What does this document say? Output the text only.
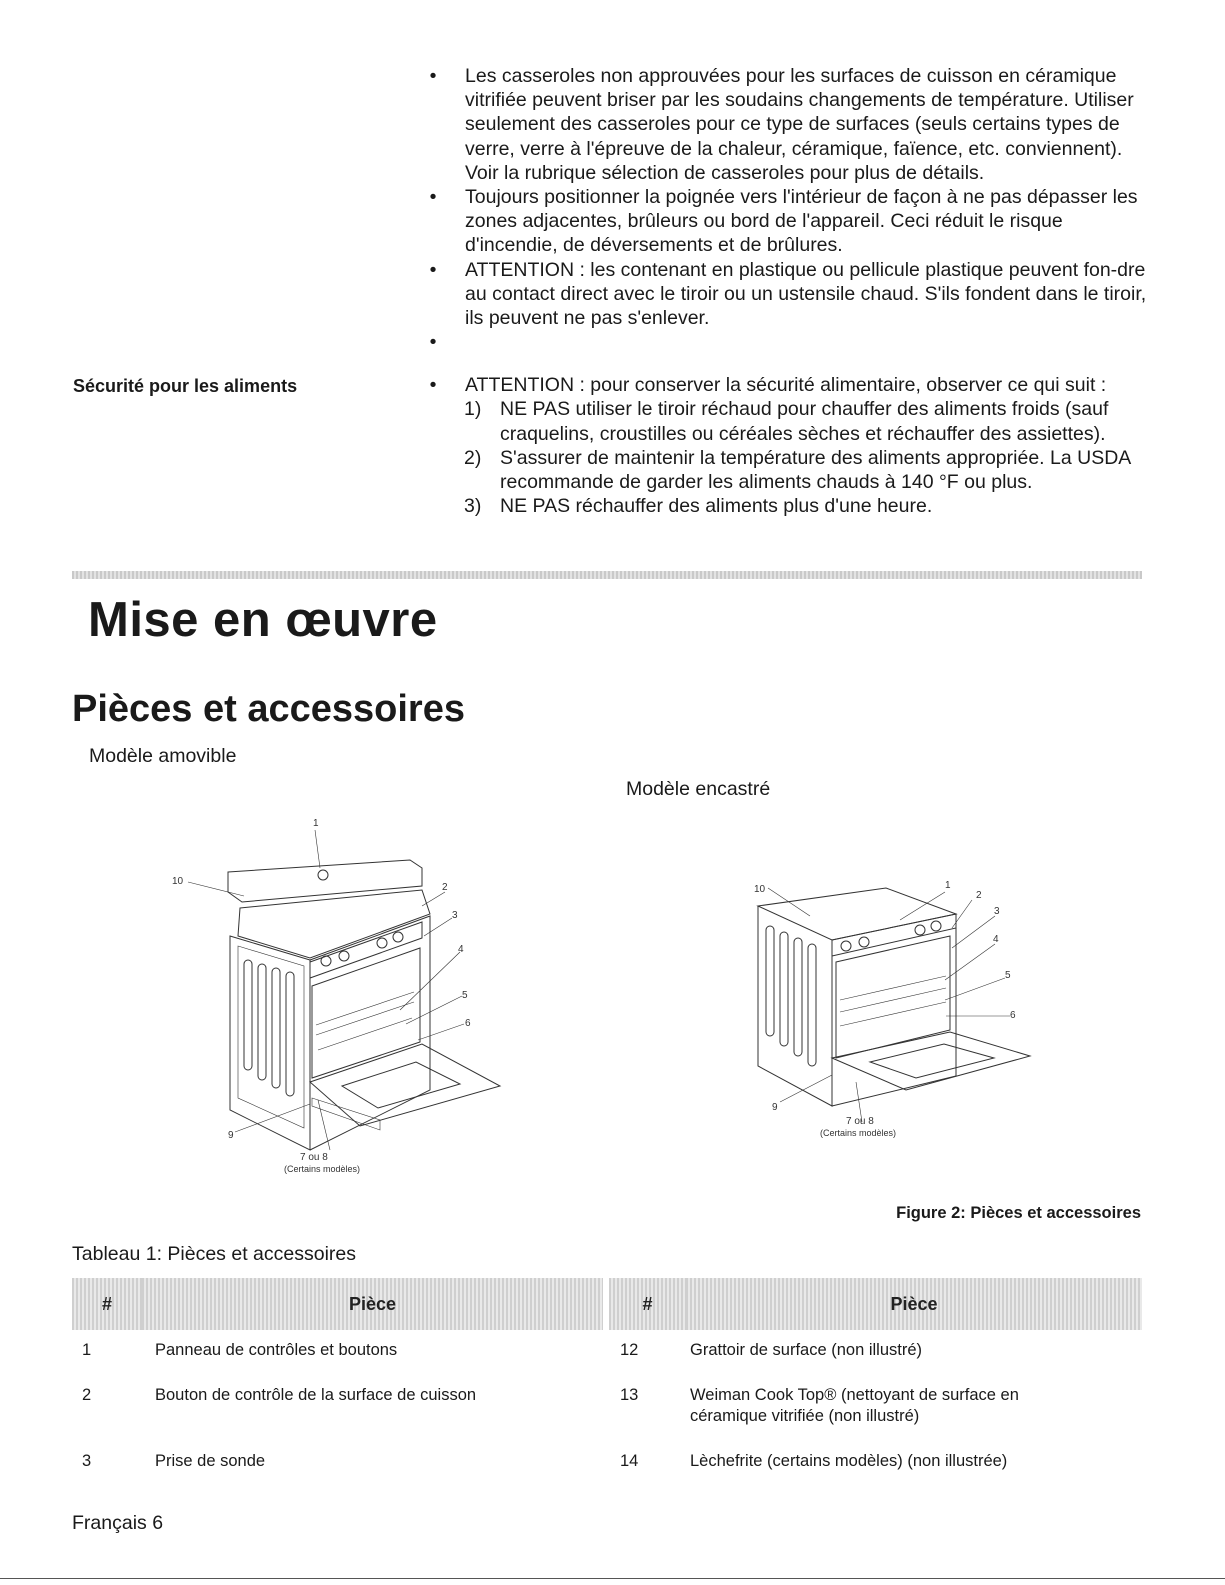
• Les casseroles non approuvées pour les surfaces de cuisson en céramique vitrifiée peuvent briser par les soudains changements de température. Utiliser seulement des casseroles pour ce type de surfaces (seuls certains types de verre, verre à l'épreuve de la chaleur, céramique, faïence, etc. conviennent). Voir la rubrique sélection de casseroles pour plus de détails.
• Toujours positionner la poignée vers l'intérieur de façon à ne pas dépasser les zones adjacentes, brûleurs ou bord de l'appareil. Ceci réduit le risque d'incendie, de déversements et de brûlures.
• ATTENTION : les contenant en plastique ou pellicule plastique peuvent fon-dre au contact direct avec le tiroir ou un ustensile chaud. S'ils fondent dans le tiroir, ils peuvent ne pas s'enlever.
•
• ATTENTION : pour conserver la sécurité alimentaire, observer ce qui suit :
1) NE PAS utiliser le tiroir réchaud pour chauffer des aliments froids (sauf craquelins, croustilles ou céréales sèches et réchauffer des assiettes).
2) S'assurer de maintenir la température des aliments appropriée. La USDA recommande de garder les aliments chauds à 140 °F ou plus.
3) NE PAS réchauffer des aliments plus d'une heure.
Sécurité pour les aliments
Mise en œuvre
Pièces et accessoires
Modèle amovible
Modèle encastré
1
10
2
3
4
5
6
9
7 ou 8
(Certains modèles)
10	1
2
3
4
5
6
9
7 ou 8
(Certains modèles)
Figure 2: Pièces et accessoires
Tableau 1: Pièces et accessoires
#	Pièce	#	Pièce
1	Panneau de contrôles et boutons	12	Grattoir de surface (non illustré)
2	Bouton de contrôle de la surface de cuisson	13	Weiman Cook Top® (nettoyant de surface en céramique vitrifiée (non illustré)
3	Prise de sonde	14	Lèchefrite (certains modèles) (non illustrée)
Français 6
